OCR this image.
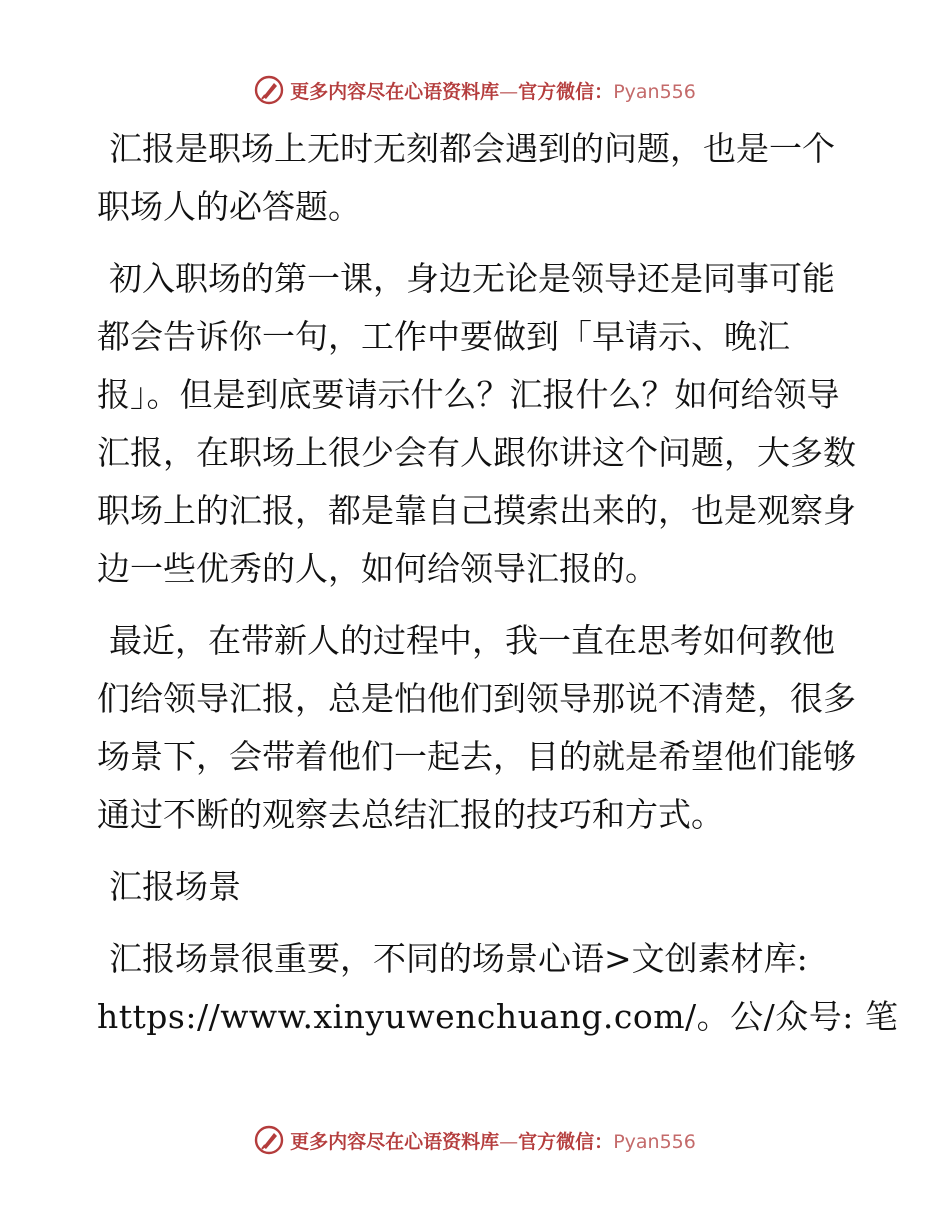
更多内容尽在心语资料库—官方微信：Pyan556

汇报是职场上无时无刻都会遇到的问题，也是一个职场人的必答题。

初入职场的第一课，身边无论是领导还是同事可能都会告诉你一句，工作中要做到「早请示、晚汇报」。但是到底要请示什么？汇报什么？如何给领导汇报，在职场上很少会有人跟你讲这个问题，大多数职场上的汇报，都是靠自己摸索出来的，也是观察身边一些优秀的人，如何给领导汇报的。

最近，在带新人的过程中，我一直在思考如何教他们给领导汇报，总是怕他们到领导那说不清楚，很多场景下，会带着他们一起去，目的就是希望他们能够通过不断的观察去总结汇报的技巧和方式。

汇报场景

汇报场景很重要，不同的场景心语>文创素材库:

https://www.xinyuwenchuang.com/。公/众号: 笔

更多内容尽在心语资料库—官方微信：Pyan556
